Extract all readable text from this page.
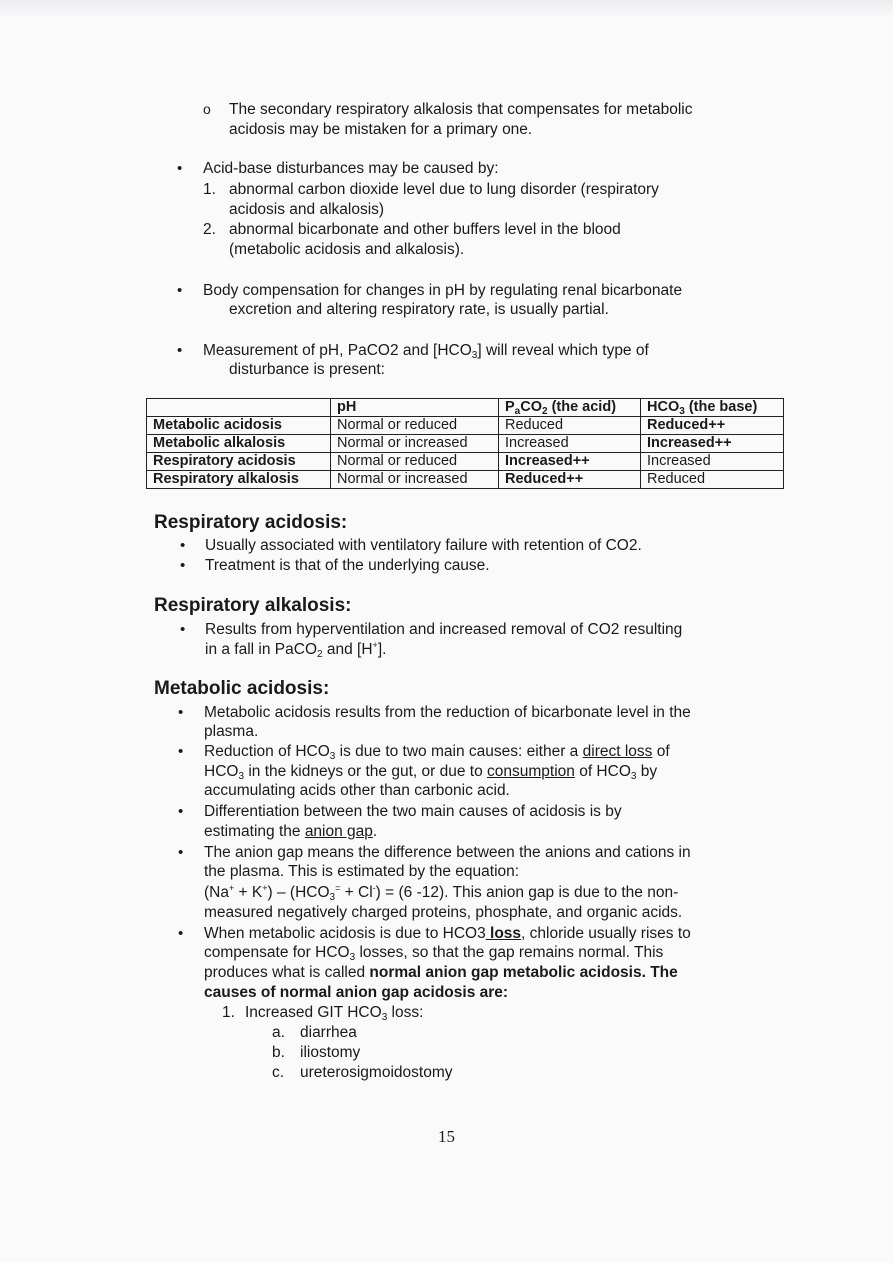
o The secondary respiratory alkalosis that compensates for metabolic
acidosis may be mistaken for a primary one.
• Acid-base disturbances may be caused by:
1. abnormal carbon dioxide level due to lung disorder (respiratory
acidosis and alkalosis)
2. abnormal bicarbonate and other buffers level in the blood
(metabolic acidosis and alkalosis).
• Body compensation for changes in pH by regulating renal bicarbonate
excretion and altering respiratory rate, is usually partial.
• Measurement of pH, PaCO2 and $[HCO_3]$ will reveal which type of
disturbance is present:
	pH	$P_aCO_2$ (the acid)	$HCO_3$ (the base)
Metabolic acidosis	Normal or reduced	Reduced	Reduced++
Metabolic alkalosis	Normal or increased	Increased	Increased++
Respiratory acidosis	Normal or reduced	Increased++	Increased
Respiratory alkalosis	Normal or increased	Reduced++	Reduced
Respiratory acidosis:
• Usually associated with ventilatory failure with retention of CO2.
• Treatment is that of the underlying cause.
Respiratory alkalosis:
• Results from hyperventilation and increased removal of CO2 resulting
in a fall in PaCO$_2$ and [H+].
Metabolic acidosis:
• Metabolic acidosis results from the reduction of bicarbonate level in the
plasma.
• Reduction of $HCO_3$ is due to two main causes: either a direct loss of
$HCO_3$ in the kidneys or the gut, or due to consumption of $HCO_3$ by
accumulating acids other than carbonic acid.
• Differentiation between the two main causes of acidosis is by
estimating the anion gap.
• The anion gap means the difference between the anions and cations in
the plasma. This is estimated by the equation:
$(Na^+ + K^+) - (HCO_3^= + Cl^-) = (6$ -12). This anion gap is due to the non-
measured negatively charged proteins, phosphate, and organic acids.
• When metabolic acidosis is due to HCO3 loss, chloride usually rises to
compensate for $HCO_3$ losses, so that the gap remains normal. This
produces what is called normal anion gap metabolic acidosis. The
causes of normal anion gap acidosis are:
1. Increased GIT $HCO_3$ loss:
a. diarrhea
b. iliostomy
c. ureterosigmoidostomy
15
